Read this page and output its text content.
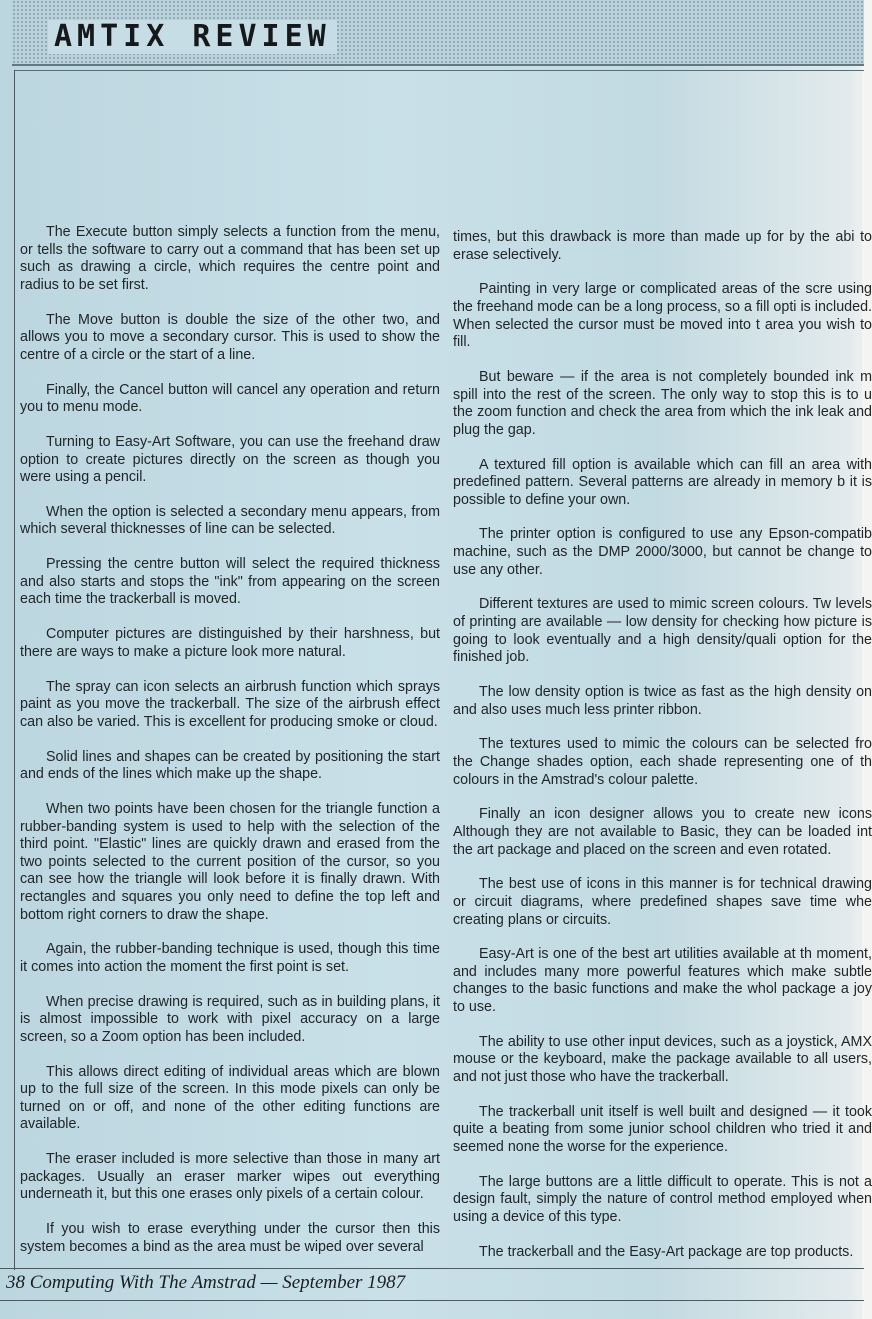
AMTIX REVIEW

The Execute button simply selects a function from the menu, or tells the software to carry out a command that has been set up such as drawing a circle, which requires the centre point and radius to be set first.

The Move button is double the size of the other two, and allows you to move a secondary cursor. This is used to show the centre of a circle or the start of a line.

Finally, the Cancel button will cancel any operation and return you to menu mode.

Turning to Easy-Art Software, you can use the freehand draw option to create pictures directly on the screen as though you were using a pencil.

When the option is selected a secondary menu appears, from which several thicknesses of line can be selected.

Pressing the centre button will select the required thickness and also starts and stops the "ink" from appearing on the screen each time the trackerball is moved.

Computer pictures are distinguished by their harshness, but there are ways to make a picture look more natural.

The spray can icon selects an airbrush function which sprays paint as you move the trackerball. The size of the airbrush effect can also be varied. This is excellent for producing smoke or cloud.

Solid lines and shapes can be created by positioning the start and ends of the lines which make up the shape.

When two points have been chosen for the triangle function a rubber-banding system is used to help with the selection of the third point. "Elastic" lines are quickly drawn and erased from the two points selected to the current position of the cursor, so you can see how the triangle will look before it is finally drawn. With rectangles and squares you only need to define the top left and bottom right corners to draw the shape.

Again, the rubber-banding technique is used, though this time it comes into action the moment the first point is set.

When precise drawing is required, such as in building plans, it is almost impossible to work with pixel accuracy on a large screen, so a Zoom option has been included.

This allows direct editing of individual areas which are blown up to the full size of the screen. In this mode pixels can only be turned on or off, and none of the other editing functions are available.

The eraser included is more selective than those in many art packages. Usually an eraser marker wipes out everything underneath it, but this one erases only pixels of a certain colour.

If you wish to erase everything under the cursor then this system becomes a bind as the area must be wiped over several

times, but this drawback is more than made up for by the abi to erase selectively.

Painting in very large or complicated areas of the scre using the freehand mode can be a long process, so a fill opti is included. When selected the cursor must be moved into t area you wish to fill.

But beware — if the area is not completely bounded ink m spill into the rest of the screen. The only way to stop this is to u the zoom function and check the area from which the ink leak and plug the gap.

A textured fill option is available which can fill an area with predefined pattern. Several patterns are already in memory b it is possible to define your own.

The printer option is configured to use any Epson-compatib machine, such as the DMP 2000/3000, but cannot be change to use any other.

Different textures are used to mimic screen colours. Tw levels of printing are available — low density for checking how picture is going to look eventually and a high density/quali option for the finished job.

The low density option is twice as fast as the high density on and also uses much less printer ribbon.

The textures used to mimic the colours can be selected fro the Change shades option, each shade representing one of th colours in the Amstrad's colour palette.

Finally an icon designer allows you to create new icons Although they are not available to Basic, they can be loaded int the art package and placed on the screen and even rotated.

The best use of icons in this manner is for technical drawing or circuit diagrams, where predefined shapes save time whe creating plans or circuits.

Easy-Art is one of the best art utilities available at th moment, and includes many more powerful features which make subtle changes to the basic functions and make the whol package a joy to use.

The ability to use other input devices, such as a joystick, AMX mouse or the keyboard, make the package available to all users, and not just those who have the trackerball.

The trackerball unit itself is well built and designed — it took quite a beating from some junior school children who tried it and seemed none the worse for the experience.

The large buttons are a little difficult to operate. This is not a design fault, simply the nature of control method employed when using a device of this type.

The trackerball and the Easy-Art package are top products.

38 Computing With The Amstrad — September 1987
